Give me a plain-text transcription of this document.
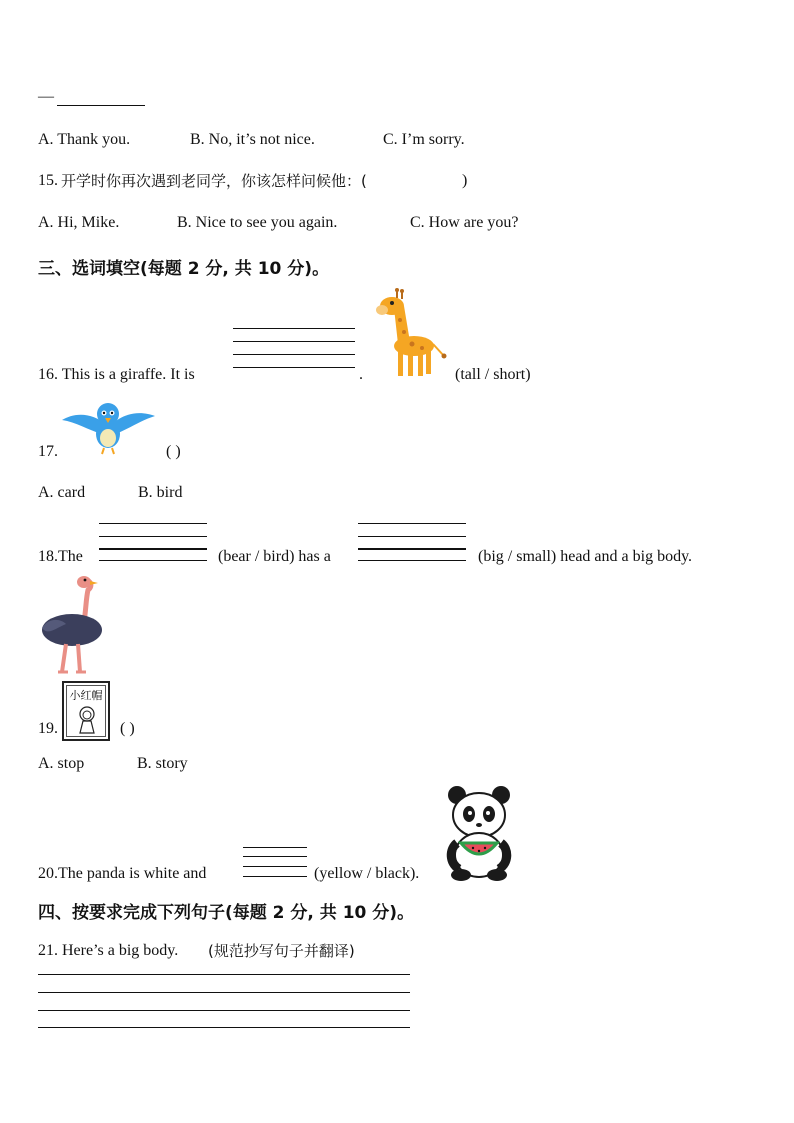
—
A. Thank you.	B. No, it’s not nice.	C. I’m sorry.
15. 开学时你再次遇到老同学，你该怎样问候他：(	)
A. Hi, Mike.	B. Nice to see you again.	C. How are you?
三、选词填空(每题 2 分, 共 10 分)。
16. This is a giraffe. It is	.	(tall / short)
17.	( )
A. card	B. bird
18.The	(bear / bird) has a	(big / small) head and a big body.
小红帽
19.	( )
A. stop	B. story
20.The panda is white and	(yellow / black).
四、按要求完成下列句子(每题 2 分, 共 10 分)。
21. Here’s a big body. (规范抄写句子并翻译)
